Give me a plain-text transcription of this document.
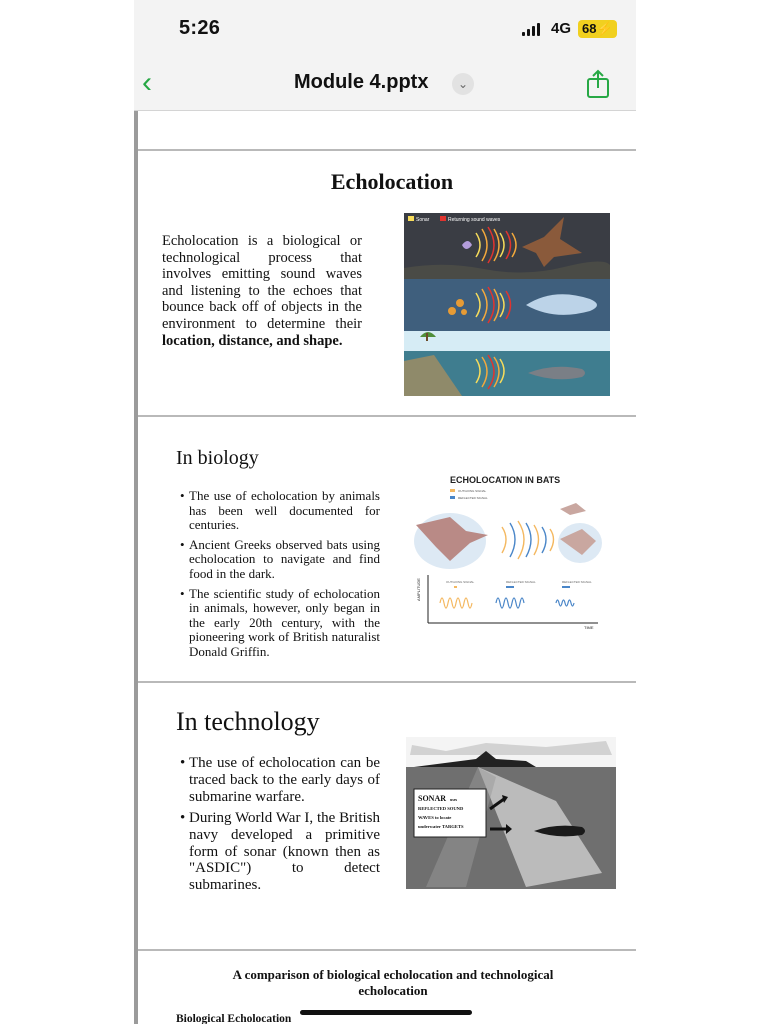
5:26	4G 68⚡
‹	Module 4.pptx	⌄
Echolocation
Echolocation is a biological or technological process that involves emitting sound waves and listening to the echoes that bounce back off of objects in the environment to determine their location, distance, and shape.
Sonar	Returning sound waves
In biology
• The use of echolocation by animals has been well documented for centuries.
• Ancient Greeks observed bats using echolocation to navigate and find food in the dark.
• The scientific study of echolocation in animals, however, only began in the early 20th century, with the pioneering work of British naturalist Donald Griffin.
ECHOLOCATION IN BATS
OUTGOING SIGNAL
REFLECTED SIGNAL
AMPLITUDE
TIME
OUTGOING SIGNAL	REFLECTED SIGNAL	REFLECTED SIGNAL
In technology
• The use of echolocation can be traced back to the early days of submarine warfare.
• During World War I, the British navy developed a primitive form of sonar (known then as "ASDIC") to detect submarines.
SONAR uses
REFLECTED SOUND
WAVES to locate
underwater TARGETS
A comparison of biological echolocation and technological echolocation
Biological Echolocation
